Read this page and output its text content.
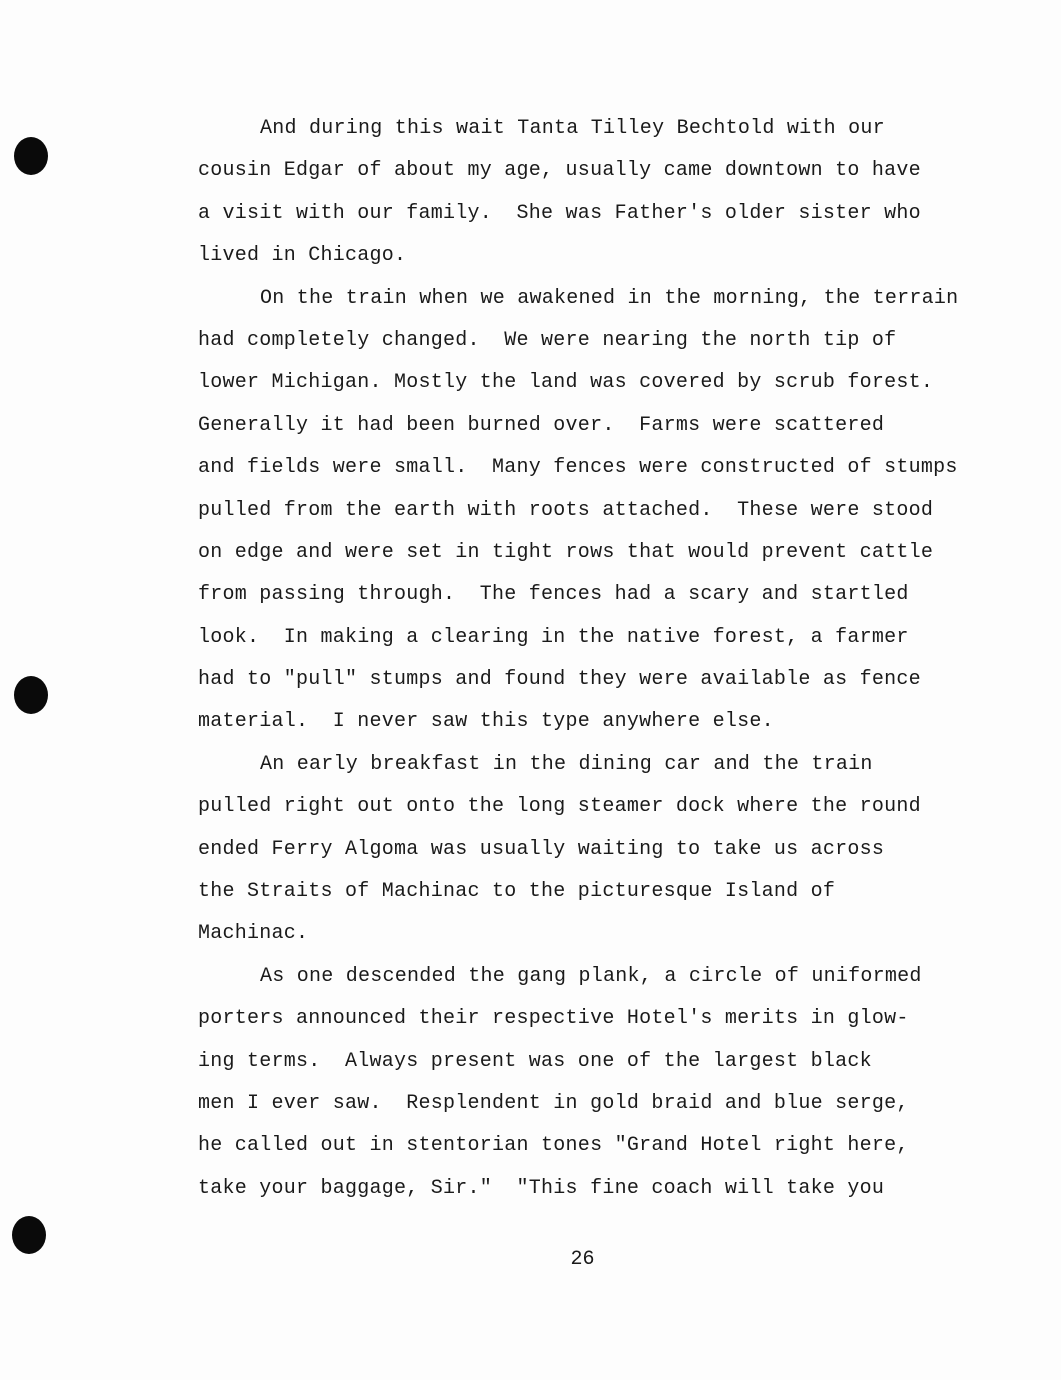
And during this wait Tanta Tilley Bechtold with our
cousin Edgar of about my age, usually came downtown to have
a visit with our family.  She was Father's older sister who
lived in Chicago.
On the train when we awakened in the morning, the terrain
had completely changed.  We were nearing the north tip of
lower Michigan. Mostly the land was covered by scrub forest.
Generally it had been burned over.  Farms were scattered
and fields were small.  Many fences were constructed of stumps
pulled from the earth with roots attached.  These were stood
on edge and were set in tight rows that would prevent cattle
from passing through.  The fences had a scary and startled
look.  In making a clearing in the native forest, a farmer
had to "pull" stumps and found they were available as fence
material.  I never saw this type anywhere else.
An early breakfast in the dining car and the train
pulled right out onto the long steamer dock where the round
ended Ferry Algoma was usually waiting to take us across
the Straits of Machinac to the picturesque Island of
Machinac.
As one descended the gang plank, a circle of uniformed
porters announced their respective Hotel's merits in glow-
ing terms.  Always present was one of the largest black
men I ever saw.  Resplendent in gold braid and blue serge,
he called out in stentorian tones "Grand Hotel right here,
take your baggage, Sir."  "This fine coach will take you
26
